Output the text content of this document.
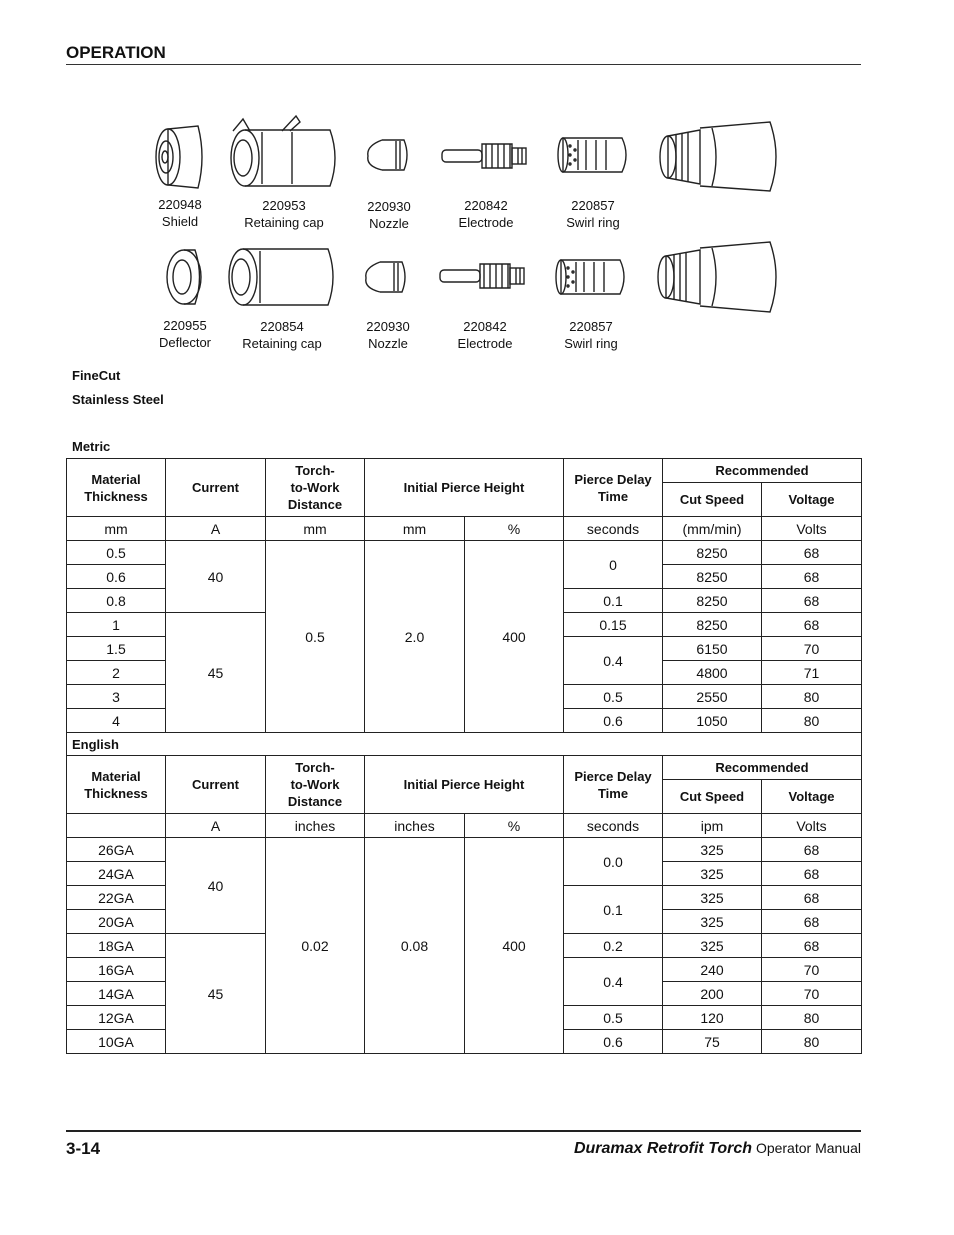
OPERATION
220948
Shield
220953
Retaining cap
220930
Nozzle
220842
Electrode
220857
Swirl ring
220955
Deflector
220854
Retaining cap
220930
Nozzle
220842
Electrode
220857
Swirl ring
FineCut
Stainless Steel
Metric
Material Thickness	Current	Torch-
to-Work
Distance	Initial Pierce Height		Pierce Delay Time	Recommended	
						Cut Speed	Voltage
mm	A	mm	mm	%	seconds	(mm/min)	Volts
0.5	40	0.5	2.0	400	0	8250	68
0.6						8250	68
0.8					0.1	8250	68
1	45				0.15	8250	68
1.5					0.4	6150	70
2						4800	71
3					0.5	2550	80
4					0.6	1050	80
English							
Material Thickness	Current	Torch-
to-Work
Distance	Initial Pierce Height		Pierce Delay Time	Recommended	
						Cut Speed	Voltage
	A	inches	inches	%	seconds	ipm	Volts
26GA	40	0.02	0.08	400	0.0	325	68
24GA						325	68
22GA					0.1	325	68
20GA						325	68
18GA	45				0.2	325	68
16GA					0.4	240	70
14GA						200	70
12GA					0.5	120	80
10GA					0.6	75	80
3-14	Duramax Retrofit Torch Operator Manual
